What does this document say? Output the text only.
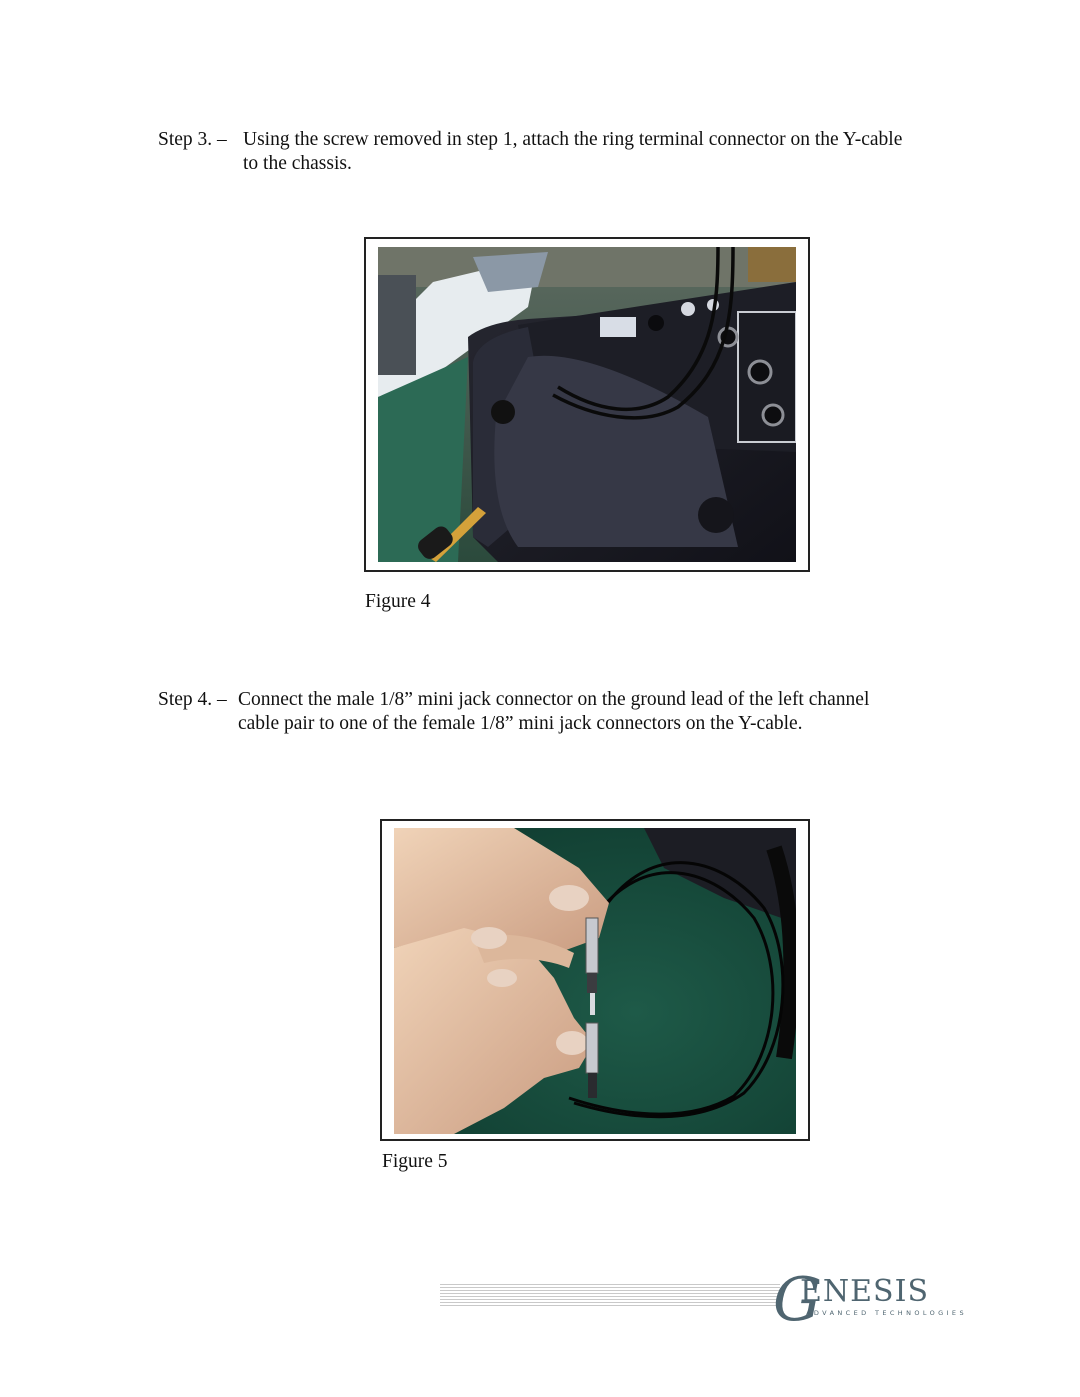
Step 3. – Using the screw removed in step 1, attach the ring terminal connector on the Y-cable to the chassis.
Figure 4
Step 4. – Connect the male 1/8” mini jack connector on the ground lead of the left channel cable pair to one of the female 1/8” mini jack connectors on the Y-cable.
Figure 5
G
ENESIS
ADVANCED TECHNOLOGIES
